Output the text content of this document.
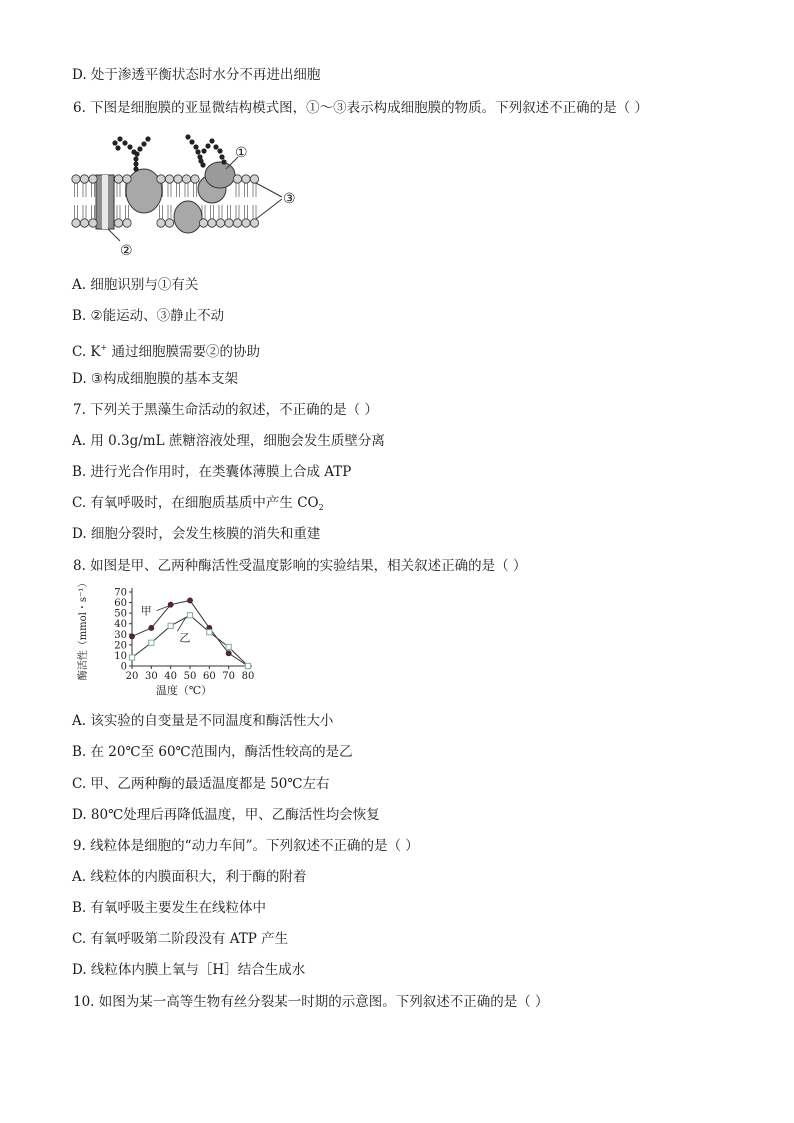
D. 处于渗透平衡状态时水分不再进出细胞
6. 下图是细胞膜的亚显微结构模式图，①～③表示构成细胞膜的物质。下列叙述不正确的是（ ）
①
③
②
A. 细胞识别与①有关
B. ②能运动、③静止不动
C. K+ 通过细胞膜需要②的协助
D. ③构成细胞膜的基本支架
7. 下列关于黑藻生命活动的叙述，不正确的是（ ）
A. 用 0.3g/mL 蔗糖溶液处理，细胞会发生质壁分离
B. 进行光合作用时，在类囊体薄膜上合成 ATP
C. 有氧呼吸时，在细胞质基质中产生 $CO_2$
D. 细胞分裂时，会发生核膜的消失和重建
8. 如图是甲、乙两种酶活性受温度影响的实验结果，相关叙述正确的是（ ）
0
10
20
30
40
50
60
70
20 30 40 50 60 70 80
温度（℃）
酶活性（mmol・s⁻¹）	甲
乙
A. 该实验的自变量是不同温度和酶活性大小
B. 在 20℃至 60℃范围内，酶活性较高的是乙
C. 甲、乙两种酶的最适温度都是 50℃左右
D. 80℃处理后再降低温度，甲、乙酶活性均会恢复
9. 线粒体是细胞的“动力车间”。下列叙述不正确的是（ ）
A. 线粒体的内膜面积大，利于酶的附着
B. 有氧呼吸主要发生在线粒体中
C. 有氧呼吸第二阶段没有 ATP 产生
D. 线粒体内膜上氧与［H］结合生成水
10. 如图为某一高等生物有丝分裂某一时期的示意图。下列叙述不正确的是（ ）
